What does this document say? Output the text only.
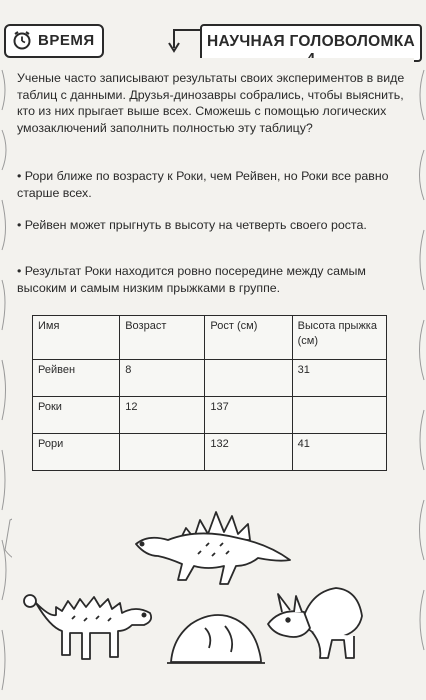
ВРЕМЯ	НАУЧНАЯ ГОЛОВОЛОМКА
Ученые часто записывают результаты своих экспериментов в виде таблиц с данными. Друзья-динозавры собрались, чтобы выяснить, кто из них прыгает выше всех. Сможешь с помощью логических умозаключений заполнить полностью эту таблицу?
• Рори ближе по возрасту к Роки, чем Рейвен, но Роки все равно старше всех.
• Рейвен может прыгнуть в высоту на четверть своего роста.
• Результат Роки находится ровно посередине между самым высоким и самым низким прыжками в группе.
Имя	Возраст	Рост (см)	Высота прыжка (см)
Рейвен	8		31
Роки	12	137	
Рори		132	41
